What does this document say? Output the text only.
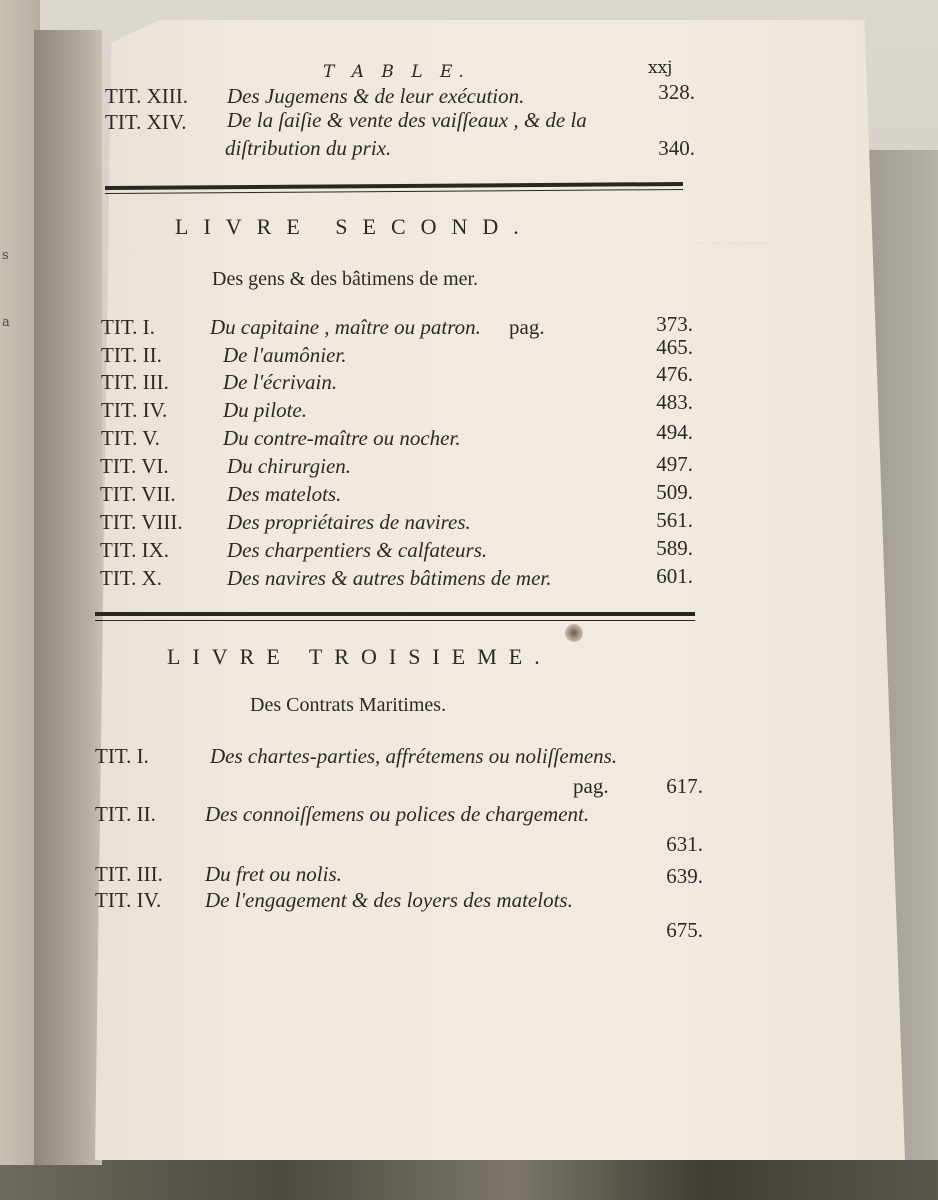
s
a
.......................
T A B L E.	xxj
TIT. XIII. Des Jugemens & de leur exécution.	328.
TIT. XIV. De la ſaiſie & vente des vaiſſeaux , & de la
diſtribution du prix.	340.
LIVRE SECOND.
Des gens & des bâtimens de mer.
TIT. I.	Du capitaine , maître ou patron. pag.	373.
TIT. II.	De l'aumônier.	465.
TIT. III.	De l'écrivain.	476.
TIT. IV.	Du pilote.	483.
TIT. V.	Du contre-maître ou nocher.	494.
TIT. VI.	Du chirurgien.	497.
TIT. VII. Des matelots.	509.
TIT. VIII. Des propriétaires de navires.	561.
TIT. IX.	Des charpentiers & calfateurs.	589.
TIT. X.	Des navires & autres bâtimens de mer.	601.
LIVRE TROISIEME.
Des Contrats Maritimes.
TIT. I.	Des chartes-parties, affrétemens ou noliſſemens.
pag.	617.
TIT. II. Des connoiſſemens ou polices de chargement.
631.
TIT. III. Du fret ou nolis.	639.
TIT. IV. De l'engagement & des loyers des matelots.
675.
